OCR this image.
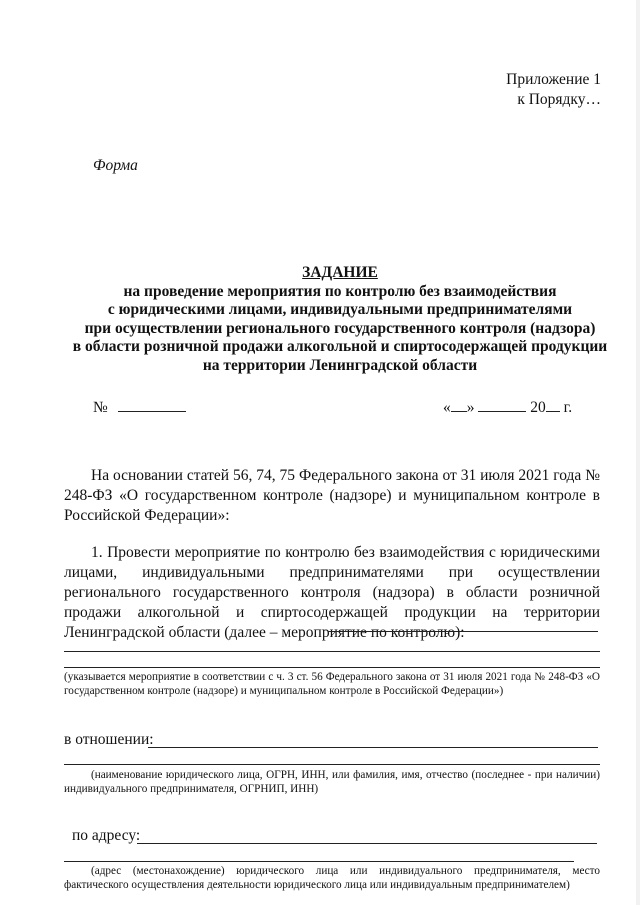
Приложение 1
к Порядку…
Форма
ЗАДАНИЕ
на проведение мероприятия по контролю без взаимодействия
с юридическими лицами, индивидуальными предпринимателями
при осуществлении регионального государственного контроля (надзора)
в области розничной продажи алкогольной и спиртосодержащей продукции
на территории Ленинградской области
№	« »	20 г.
На основании статей 56, 74, 75 Федерального закона от 31 июля 2021 года № 248-ФЗ «О государственном контроле (надзоре) и муниципальном контроле в Российской Федерации»:
1. Провести мероприятие по контролю без взаимодействия с юридическими лицами, индивидуальными предпринимателями при осуществлении регионального государственного контроля (надзора) в области розничной продажи алкогольной и спиртосодержащей продукции на территории Ленинградской области (далее – мероприятие по контролю):
(указывается мероприятие в соответствии с ч. 3 ст. 56 Федерального закона от 31 июля 2021 года № 248-ФЗ «О государственном контроле (надзоре) и муниципальном контроле в Российской Федерации»)
в отношении:
(наименование юридического лица, ОГРН, ИНН, или фамилия, имя, отчество (последнее - при наличии) индивидуального предпринимателя, ОГРНИП, ИНН)
по адресу:
(адрес (местонахождение) юридического лица или индивидуального предпринимателя, место фактического осуществления деятельности юридического лица или индивидуальным предпринимателем)
